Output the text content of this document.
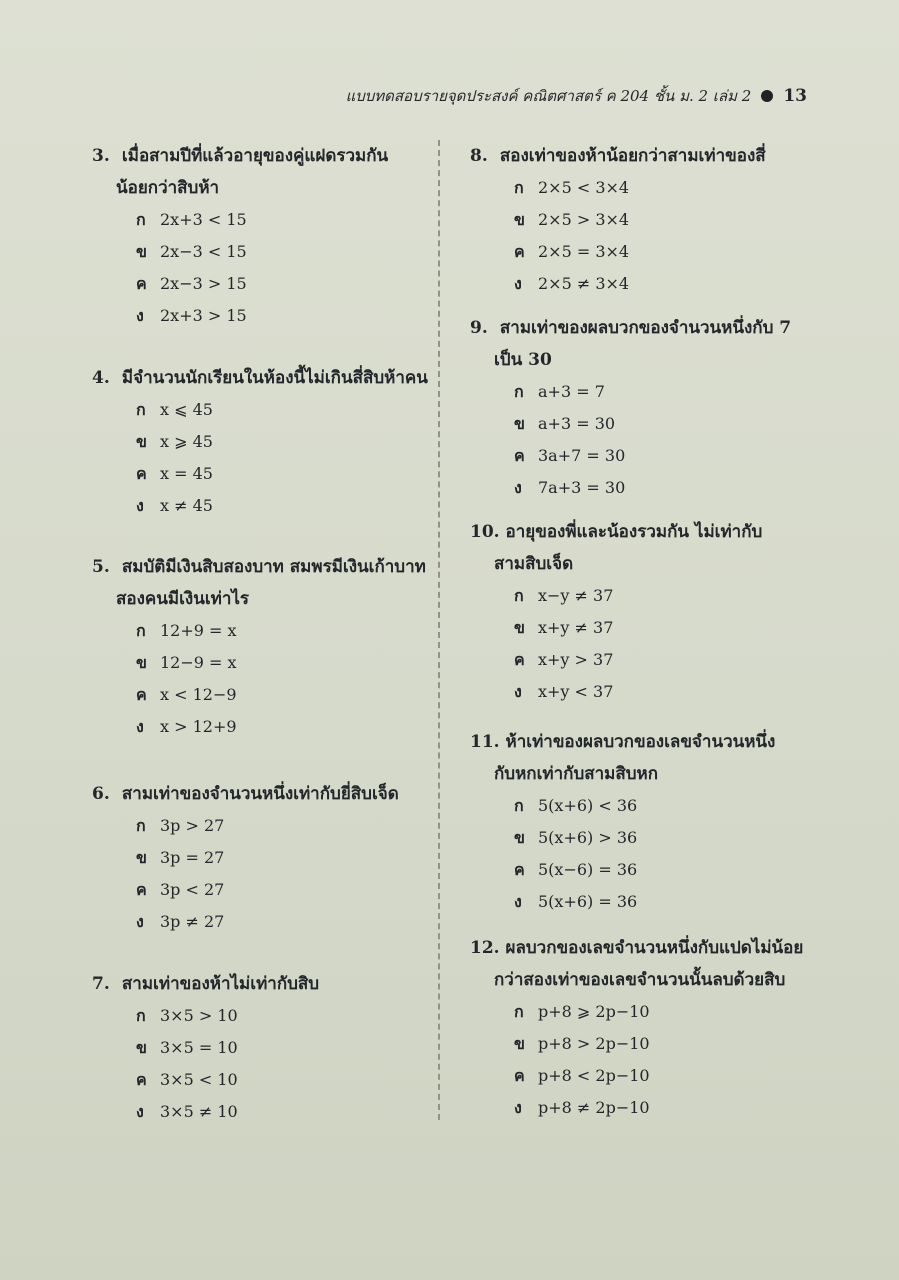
แบบทดสอบรายจุดประสงค์ คณิตศาสตร์ ค 204 ชั้น ม. 2 เล่ม 2 13
3. เมื่อสามปีที่แล้วอายุของคู่แฝดรวมกัน
น้อยกว่าสิบห้า
ก 2x+3 < 15
ข 2x−3 < 15
ค 2x−3 > 15
ง 2x+3 > 15
4. มีจำนวนนักเรียนในห้องนี้ไม่เกินสี่สิบห้าคน
ก x ⩽ 45
ข x ⩾ 45
ค x = 45
ง x ≠ 45
5. สมบัติมีเงินสิบสองบาท สมพรมีเงินเก้าบาท
สองคนมีเงินเท่าไร
ก 12+9 = x
ข 12−9 = x
ค x < 12−9
ง x > 12+9
6. สามเท่าของจำนวนหนึ่งเท่ากับยี่สิบเจ็ด
ก 3p > 27
ข 3p = 27
ค 3p < 27
ง 3p ≠ 27
7. สามเท่าของห้าไม่เท่ากับสิบ
ก 3×5 > 10
ข 3×5 = 10
ค 3×5 < 10
ง 3×5 ≠ 10
8. สองเท่าของห้าน้อยกว่าสามเท่าของสี่
ก 2×5 < 3×4
ข 2×5 > 3×4
ค 2×5 = 3×4
ง 2×5 ≠ 3×4
9. สามเท่าของผลบวกของจำนวนหนึ่งกับ 7
เป็น 30
ก a+3 = 7
ข a+3 = 30
ค 3a+7 = 30
ง 7a+3 = 30
10. อายุของพี่และน้องรวมกัน ไม่เท่ากับ
สามสิบเจ็ด
ก x−y ≠ 37
ข x+y ≠ 37
ค x+y > 37
ง x+y < 37
11. ห้าเท่าของผลบวกของเลขจำนวนหนึ่ง
กับหกเท่ากับสามสิบหก
ก 5(x+6) < 36
ข 5(x+6) > 36
ค 5(x−6) = 36
ง 5(x+6) = 36
12. ผลบวกของเลขจำนวนหนึ่งกับแปดไม่น้อย
กว่าสองเท่าของเลขจำนวนนั้นลบด้วยสิบ
ก p+8 ⩾ 2p−10
ข p+8 > 2p−10
ค p+8 < 2p−10
ง p+8 ≠ 2p−10
